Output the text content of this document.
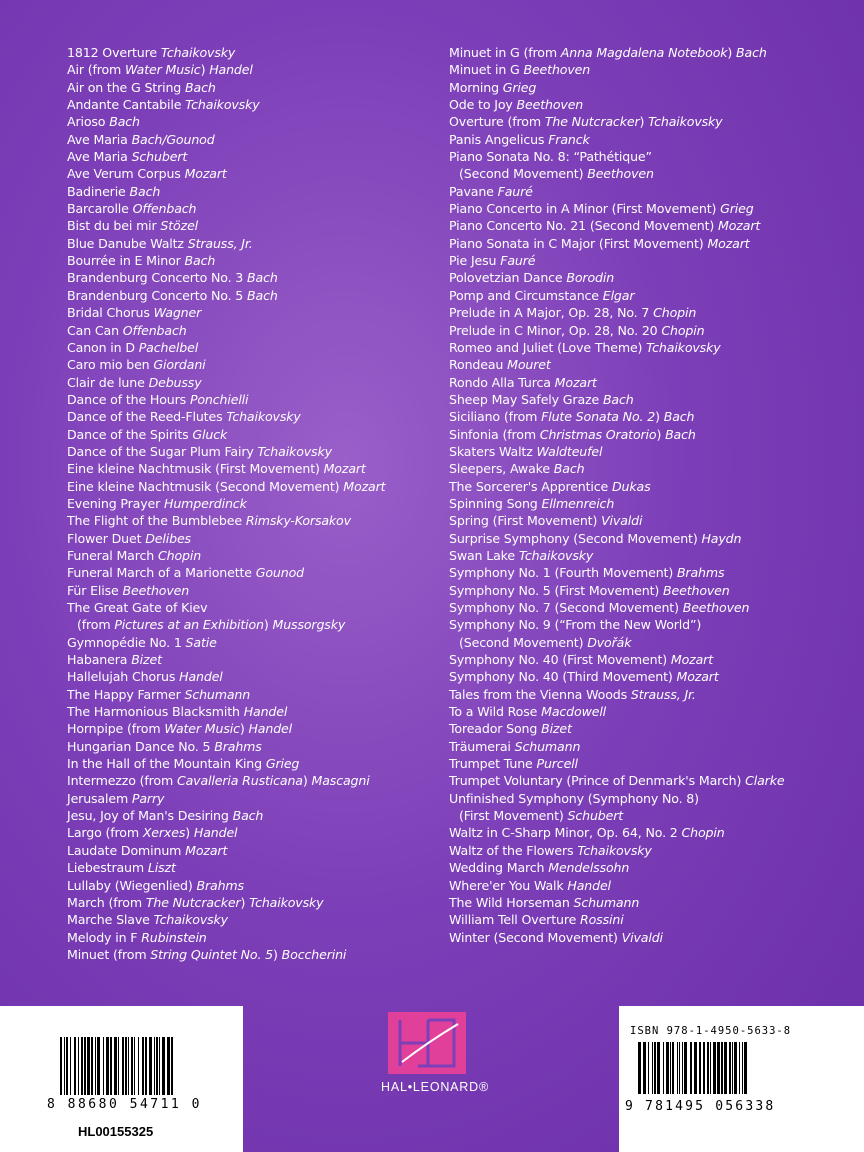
1812 Overture Tchaikovsky
Air (from Water Music) Handel
Air on the G String Bach
Andante Cantabile Tchaikovsky
Arioso Bach
Ave Maria Bach/Gounod
Ave Maria Schubert
Ave Verum Corpus Mozart
Badinerie Bach
Barcarolle Offenbach
Bist du bei mir Stözel
Blue Danube Waltz Strauss, Jr.
Bourrée in E Minor Bach
Brandenburg Concerto No. 3 Bach
Brandenburg Concerto No. 5 Bach
Bridal Chorus Wagner
Can Can Offenbach
Canon in D Pachelbel
Caro mio ben Giordani
Clair de lune Debussy
Dance of the Hours Ponchielli
Dance of the Reed-Flutes Tchaikovsky
Dance of the Spirits Gluck
Dance of the Sugar Plum Fairy Tchaikovsky
Eine kleine Nachtmusik (First Movement) Mozart
Eine kleine Nachtmusik (Second Movement) Mozart
Evening Prayer Humperdinck
The Flight of the Bumblebee Rimsky-Korsakov
Flower Duet Delibes
Funeral March Chopin
Funeral March of a Marionette Gounod
Für Elise Beethoven
The Great Gate of Kiev
(from Pictures at an Exhibition) Mussorgsky
Gymnopédie No. 1 Satie
Habanera Bizet
Hallelujah Chorus Handel
The Happy Farmer Schumann
The Harmonious Blacksmith Handel
Hornpipe (from Water Music) Handel
Hungarian Dance No. 5 Brahms
In the Hall of the Mountain King Grieg
Intermezzo (from Cavalleria Rusticana) Mascagni
Jerusalem Parry
Jesu, Joy of Man's Desiring Bach
Largo (from Xerxes) Handel
Laudate Dominum Mozart
Liebestraum Liszt
Lullaby (Wiegenlied) Brahms
March (from The Nutcracker) Tchaikovsky
Marche Slave Tchaikovsky
Melody in F Rubinstein
Minuet (from String Quintet No. 5) Boccherini
Minuet in G (from Anna Magdalena Notebook) Bach
Minuet in G Beethoven
Morning Grieg
Ode to Joy Beethoven
Overture (from The Nutcracker) Tchaikovsky
Panis Angelicus Franck
Piano Sonata No. 8: “Pathétique”
(Second Movement) Beethoven
Pavane Fauré
Piano Concerto in A Minor (First Movement) Grieg
Piano Concerto No. 21 (Second Movement) Mozart
Piano Sonata in C Major (First Movement) Mozart
Pie Jesu Fauré
Polovetzian Dance Borodin
Pomp and Circumstance Elgar
Prelude in A Major, Op. 28, No. 7 Chopin
Prelude in C Minor, Op. 28, No. 20 Chopin
Romeo and Juliet (Love Theme) Tchaikovsky
Rondeau Mouret
Rondo Alla Turca Mozart
Sheep May Safely Graze Bach
Siciliano (from Flute Sonata No. 2) Bach
Sinfonia (from Christmas Oratorio) Bach
Skaters Waltz Waldteufel
Sleepers, Awake Bach
The Sorcerer's Apprentice Dukas
Spinning Song Ellmenreich
Spring (First Movement) Vivaldi
Surprise Symphony (Second Movement) Haydn
Swan Lake Tchaikovsky
Symphony No. 1 (Fourth Movement) Brahms
Symphony No. 5 (First Movement) Beethoven
Symphony No. 7 (Second Movement) Beethoven
Symphony No. 9 (“From the New World”)
(Second Movement) Dvořák
Symphony No. 40 (First Movement) Mozart
Symphony No. 40 (Third Movement) Mozart
Tales from the Vienna Woods Strauss, Jr.
To a Wild Rose Macdowell
Toreador Song Bizet
Träumerai Schumann
Trumpet Tune Purcell
Trumpet Voluntary (Prince of Denmark's March) Clarke
Unfinished Symphony (Symphony No. 8)
(First Movement) Schubert
Waltz in C-Sharp Minor, Op. 64, No. 2 Chopin
Waltz of the Flowers Tchaikovsky
Wedding March Mendelssohn
Where'er You Walk Handel
The Wild Horseman Schumann
William Tell Overture Rossini
Winter (Second Movement) Vivaldi
8 88680 54711 0
HL00155325
ISBN 978-1-4950-5633-8
9 781495 056338
HAL•LEONARD®
